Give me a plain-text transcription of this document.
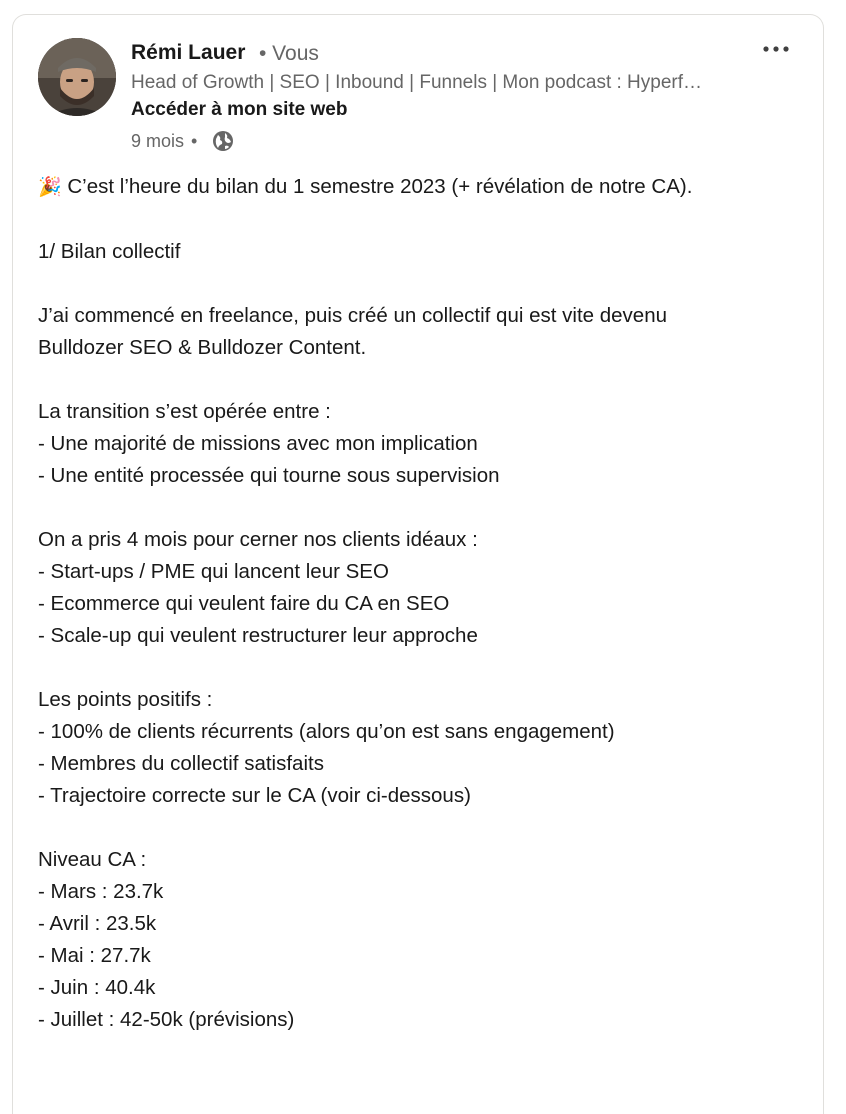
Rémi Lauer • Vous
Head of Growth | SEO | Inbound | Funnels | Mon podcast : Hyperf…
Accéder à mon site web
9 mois •
🎉 C’est l’heure du bilan du 1 semestre 2023 (+ révélation de notre CA).

1/ Bilan collectif

J’ai commencé en freelance, puis créé un collectif qui est vite devenu
Bulldozer SEO & Bulldozer Content.

La transition s’est opérée entre :
- Une majorité de missions avec mon implication
- Une entité processée qui tourne sous supervision

On a pris 4 mois pour cerner nos clients idéaux :
- Start-ups / PME qui lancent leur SEO
- Ecommerce qui veulent faire du CA en SEO
- Scale-up qui veulent restructurer leur approche

Les points positifs :
- 100% de clients récurrents (alors qu’on est sans engagement)
- Membres du collectif satisfaits
- Trajectoire correcte sur le CA (voir ci-dessous)

Niveau CA :
- Mars : 23.7k
- Avril : 23.5k
- Mai : 27.7k
- Juin : 40.4k
- Juillet : 42-50k (prévisions)
